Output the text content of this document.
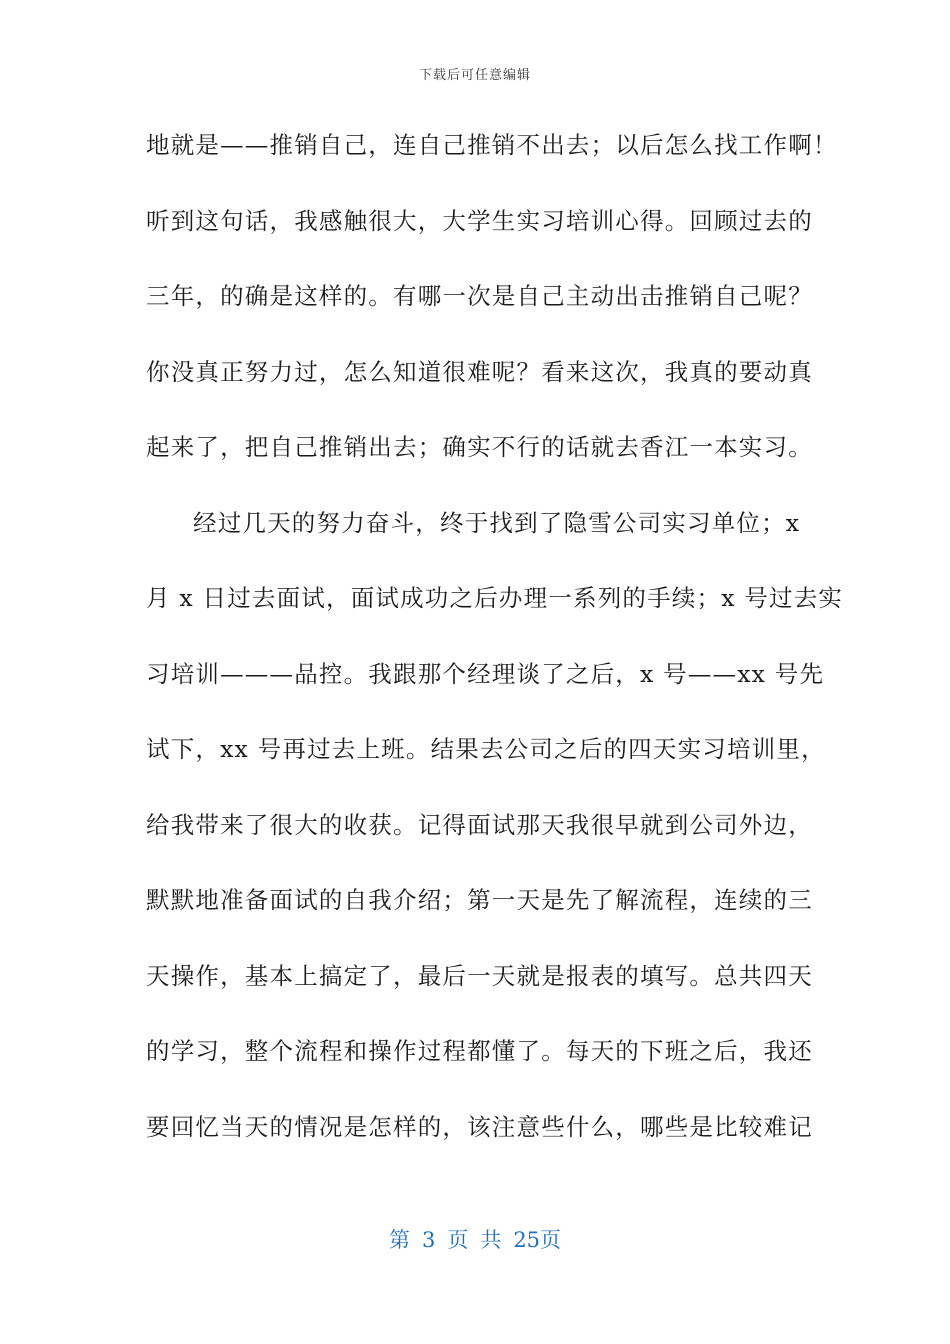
下载后可任意编辑
地就是——推销自己，连自己推销不出去；以后怎么找工作啊！
听到这句话，我感触很大，大学生实习培训心得。回顾过去的
三年，的确是这样的。有哪一次是自己主动出击推销自己呢？
你没真正努力过，怎么知道很难呢？看来这次，我真的要动真
起来了，把自己推销出去；确实不行的话就去香江一本实习。
经过几天的努力奋斗，终于找到了隐雪公司实习单位；x
月 x 日过去面试，面试成功之后办理一系列的手续；x 号过去实
习培训———品控。我跟那个经理谈了之后，x 号——xx 号先
试下，xx 号再过去上班。结果去公司之后的四天实习培训里，
给我带来了很大的收获。记得面试那天我很早就到公司外边，
默默地准备面试的自我介绍；第一天是先了解流程，连续的三
天操作，基本上搞定了，最后一天就是报表的填写。总共四天
的学习，整个流程和操作过程都懂了。每天的下班之后，我还
要回忆当天的情况是怎样的，该注意些什么，哪些是比较难记
第 3 页 共 25页
